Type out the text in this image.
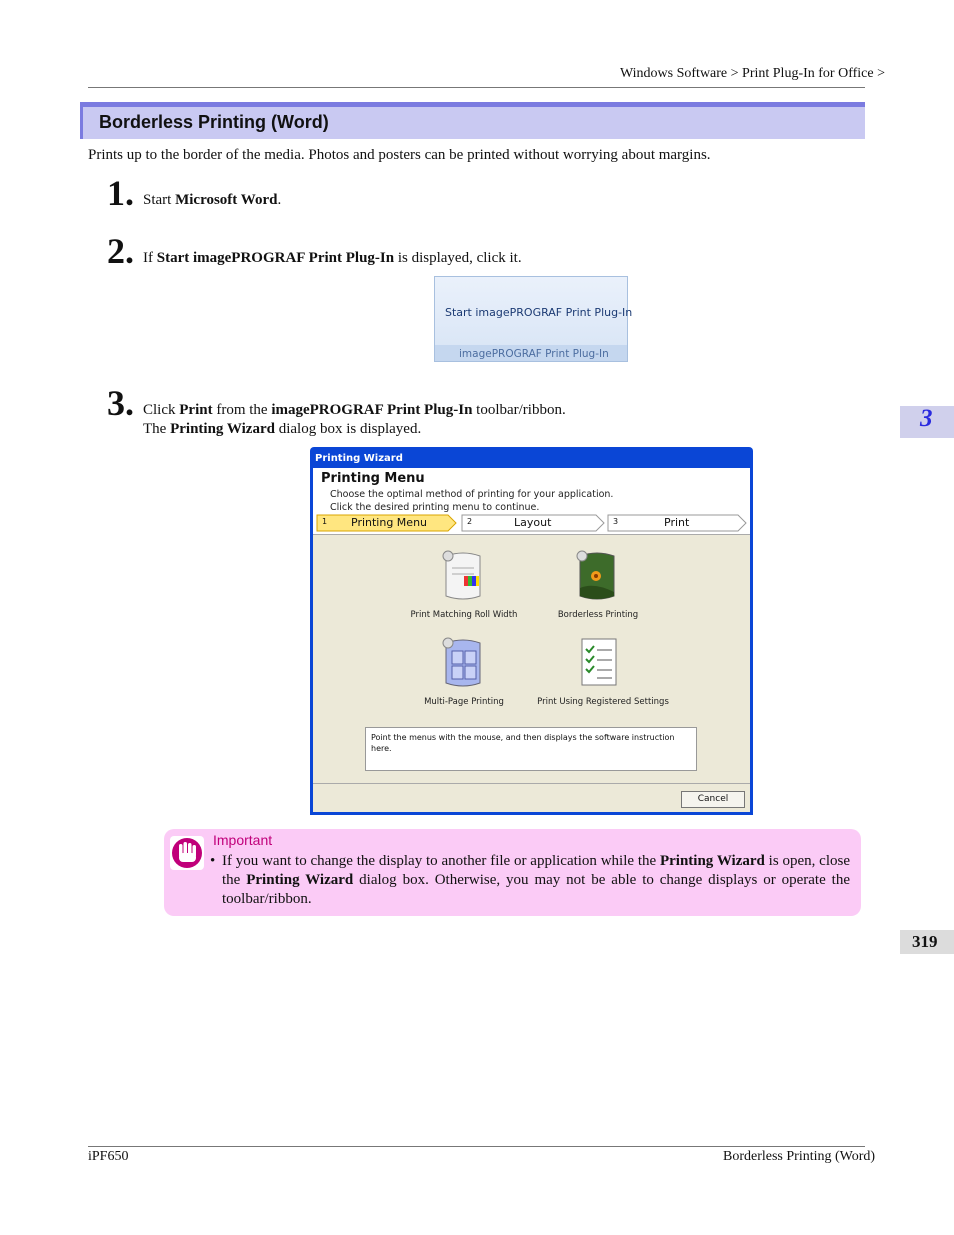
Windows Software > Print Plug-In for Office >
Borderless Printing (Word)
Prints up to the border of the media. Photos and posters can be printed without worrying about margins.
1. Start Microsoft Word.
2. If Start imagePROGRAF Print Plug-In is displayed, click it.
Start imagePROGRAF Print Plug-In
imagePROGRAF Print Plug-In
3. Click Print from the imagePROGRAF Print Plug-In toolbar/ribbon.
The Printing Wizard dialog box is displayed.
Printing Wizard
Printing Menu
Choose the optimal method of printing for your application.
Click the desired printing menu to continue.
1 Printing Menu	2	Layout	3	Print
Print Matching Roll Width	Borderless Printing
Multi-Page Printing	Print Using Registered Settings
Point the menus with the mouse, and then displays the software instruction here.
Cancel
Important
• If you want to change the display to another file or application while the Printing Wizard is open, close the Printing Wizard dialog box. Otherwise, you may not be able to change displays or operate the toolbar/ribbon.
3
319
iPF650	Borderless Printing (Word)
